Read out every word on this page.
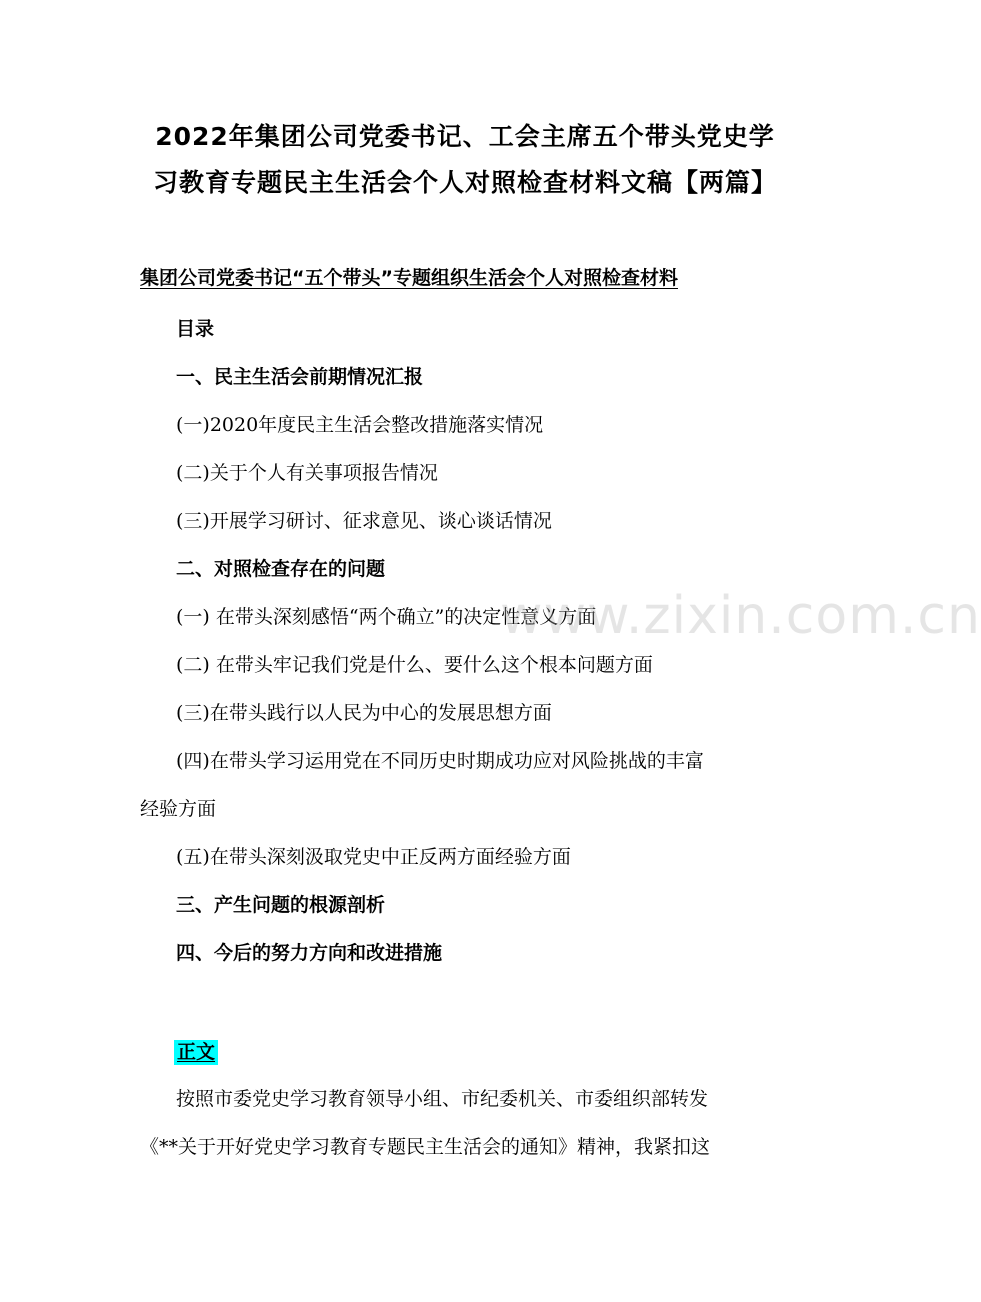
2022年集团公司党委书记、工会主席五个带头党史学
习教育专题民主生活会个人对照检查材料文稿【两篇】
集团公司党委书记“五个带头”专题组织生活会个人对照检查材料
目录
一、民主生活会前期情况汇报
(一)2020年度民主生活会整改措施落实情况
(二)关于个人有关事项报告情况
(三)开展学习研讨、征求意见、谈心谈话情况
二、对照检查存在的问题
(一) 在带头深刻感悟“两个确立”的决定性意义方面
(二) 在带头牢记我们党是什么、要什么这个根本问题方面
(三)在带头践行以人民为中心的发展思想方面
(四)在带头学习运用党在不同历史时期成功应对风险挑战的丰富
经验方面
(五)在带头深刻汲取党史中正反两方面经验方面
三、产生问题的根源剖析
四、今后的努力方向和改进措施
正文
按照市委党史学习教育领导小组、市纪委机关、市委组织部转发
《**关于开好党史学习教育专题民主生活会的通知》精神，我紧扣这
www.zixin.com.cn
